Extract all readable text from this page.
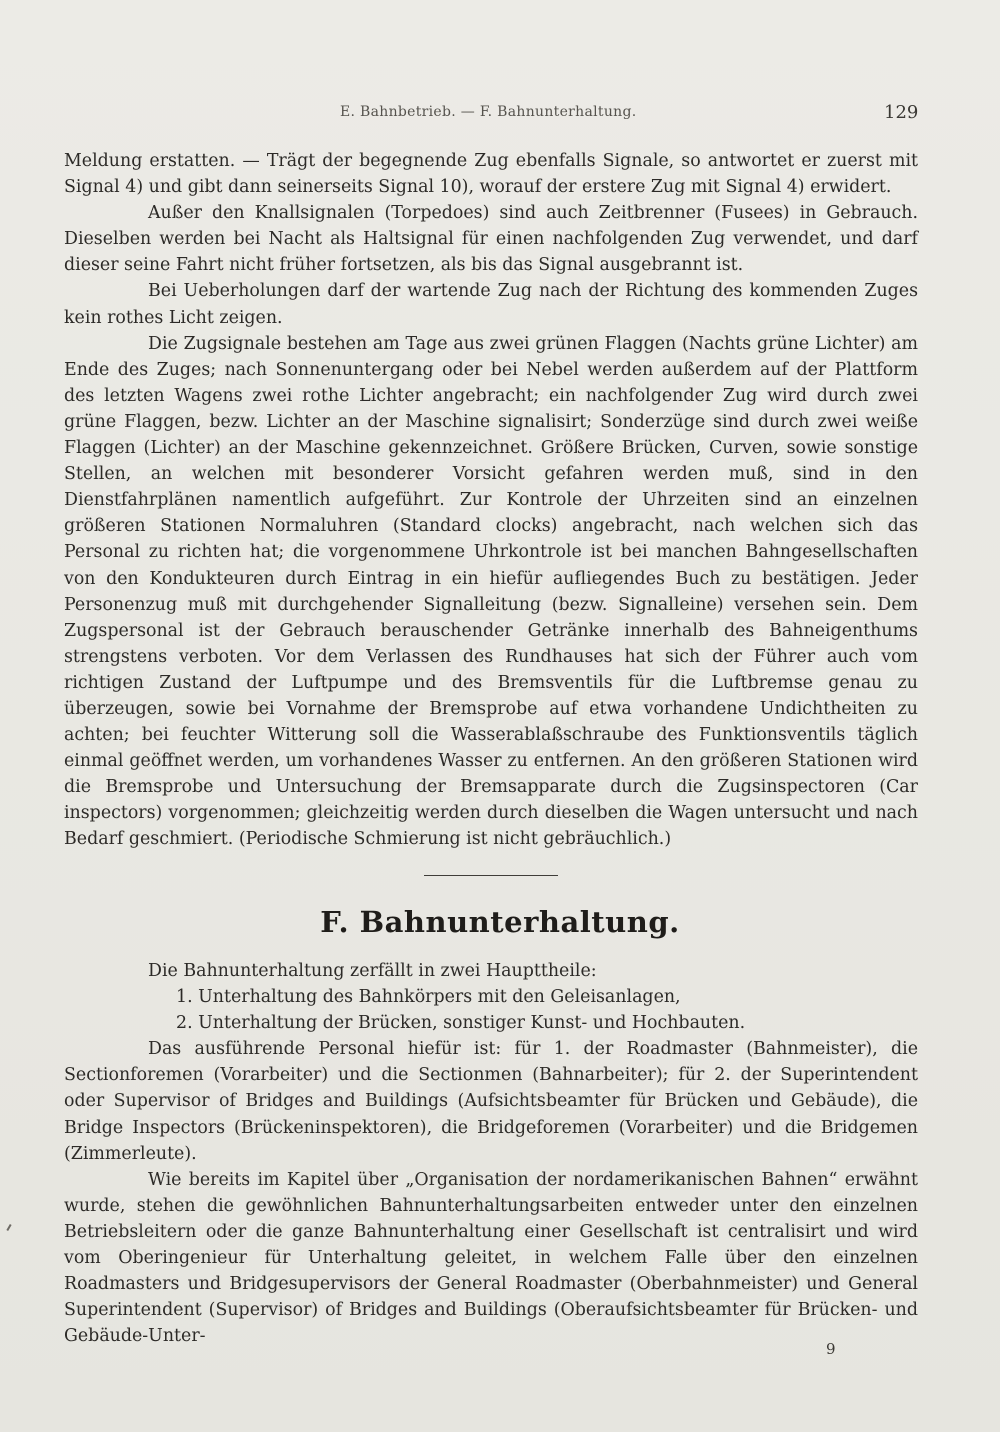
E. Bahnbetrieb. — F. Bahnunterhaltung.	129

Meldung erstatten. — Trägt der begegnende Zug ebenfalls Signale, so antwortet er zuerst mit Signal 4) und gibt dann seinerseits Signal 10), worauf der erstere Zug mit Signal 4) erwidert.

Außer den Knallsignalen (Torpedoes) sind auch Zeitbrenner (Fusees) in Gebrauch. Dieselben werden bei Nacht als Haltsignal für einen nachfolgenden Zug verwendet, und darf dieser seine Fahrt nicht früher fortsetzen, als bis das Signal ausgebrannt ist.

Bei Ueberholungen darf der wartende Zug nach der Richtung des kommenden Zuges kein rothes Licht zeigen.

Die Zugsignale bestehen am Tage aus zwei grünen Flaggen (Nachts grüne Lichter) am Ende des Zuges; nach Sonnenuntergang oder bei Nebel werden außerdem auf der Plattform des letzten Wagens zwei rothe Lichter angebracht; ein nachfolgender Zug wird durch zwei grüne Flaggen, bezw. Lichter an der Maschine signalisirt; Sonderzüge sind durch zwei weiße Flaggen (Lichter) an der Maschine gekennzeichnet. Größere Brücken, Curven, sowie sonstige Stellen, an welchen mit besonderer Vorsicht gefahren werden muß, sind in den Dienstfahrplänen namentlich aufgeführt. Zur Kontrole der Uhrzeiten sind an einzelnen größeren Stationen Normaluhren (Standard clocks) angebracht, nach welchen sich das Personal zu richten hat; die vorgenommene Uhrkontrole ist bei manchen Bahngesellschaften von den Kondukteuren durch Eintrag in ein hiefür aufliegendes Buch zu bestätigen. Jeder Personenzug muß mit durchgehender Signalleitung (bezw. Signalleine) versehen sein. Dem Zugspersonal ist der Gebrauch berauschender Getränke innerhalb des Bahneigenthums strengstens verboten. Vor dem Verlassen des Rundhauses hat sich der Führer auch vom richtigen Zustand der Luftpumpe und des Bremsventils für die Luftbremse genau zu überzeugen, sowie bei Vornahme der Bremsprobe auf etwa vorhandene Undichtheiten zu achten; bei feuchter Witterung soll die Wasserablaßschraube des Funktionsventils täglich einmal geöffnet werden, um vorhandenes Wasser zu entfernen. An den größeren Stationen wird die Bremsprobe und Untersuchung der Bremsapparate durch die Zugsinspectoren (Car inspectors) vorgenommen; gleichzeitig werden durch dieselben die Wagen untersucht und nach Bedarf geschmiert. (Periodische Schmierung ist nicht gebräuchlich.)

F. Bahnunterhaltung.

Die Bahnunterhaltung zerfällt in zwei Haupttheile:

1. Unterhaltung des Bahnkörpers mit den Geleisanlagen,

2. Unterhaltung der Brücken, sonstiger Kunst- und Hochbauten.

Das ausführende Personal hiefür ist: für 1. der Roadmaster (Bahnmeister), die Sectionforemen (Vorarbeiter) und die Sectionmen (Bahnarbeiter); für 2. der Superintendent oder Supervisor of Bridges and Buildings (Aufsichtsbeamter für Brücken und Gebäude), die Bridge Inspectors (Brückeninspektoren), die Bridgeforemen (Vorarbeiter) und die Bridgemen (Zimmerleute).

Wie bereits im Kapitel über „Organisation der nordamerikanischen Bahnen“ erwähnt wurde, stehen die gewöhnlichen Bahnunterhaltungsarbeiten entweder unter den einzelnen Betriebsleitern oder die ganze Bahnunterhaltung einer Gesellschaft ist centralisirt und wird vom Oberingenieur für Unterhaltung geleitet, in welchem Falle über den einzelnen Roadmasters und Bridgesupervisors der General Roadmaster (Oberbahnmeister) und General Superintendent (Supervisor) of Bridges and Buildings (Oberaufsichtsbeamter für Brücken- und Gebäude-Unter-

9
